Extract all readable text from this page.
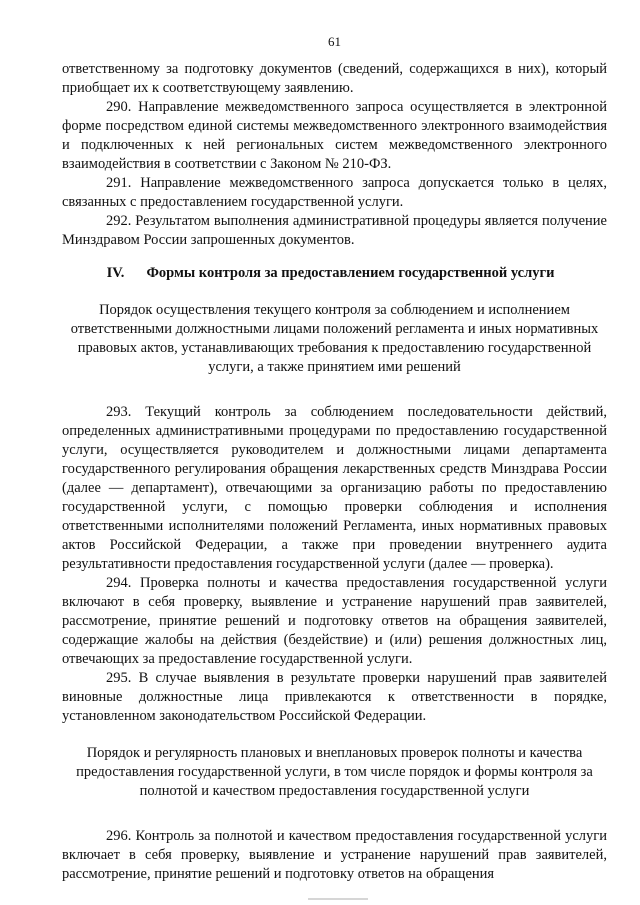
61

ответственному за подготовку документов (сведений, содержащихся в них), который приобщает их к соответствующему заявлению.

290. Направление межведомственного запроса осуществляется в электронной форме посредством единой системы межведомственного электронного взаимодействия и подключенных к ней региональных систем межведомственного электронного взаимодействия в соответствии с Законом № 210-ФЗ.

291. Направление межведомственного запроса допускается только в целях, связанных с предоставлением государственной услуги.

292. Результатом выполнения административной процедуры является получение Минздравом России запрошенных документов.

IV. Формы контроля за предоставлением государственной услуги
Порядок осуществления текущего контроля за соблюдением и исполнением ответственными должностными лицами положений регламента и иных нормативных правовых актов, устанавливающих требования к предоставлению государственной услуги, а также принятием ими решений

293. Текущий контроль за соблюдением последовательности действий, определенных административными процедурами по предоставлению государственной услуги, осуществляется руководителем и должностными лицами департамента государственного регулирования обращения лекарственных средств Минздрава России (далее — департамент), отвечающими за организацию работы по предоставлению государственной услуги, с помощью проверки соблюдения и исполнения ответственными исполнителями положений Регламента, иных нормативных правовых актов Российской Федерации, а также при проведении внутреннего аудита результативности предоставления государственной услуги (далее — проверка).

294. Проверка полноты и качества предоставления государственной услуги включают в себя проверку, выявление и устранение нарушений прав заявителей, рассмотрение, принятие решений и подготовку ответов на обращения заявителей, содержащие жалобы на действия (бездействие) и (или) решения должностных лиц, отвечающих за предоставление государственной услуги.

295. В случае выявления в результате проверки нарушений прав заявителей виновные должностные лица привлекаются к ответственности в порядке, установленном законодательством Российской Федерации.

Порядок и регулярность плановых и внеплановых проверок полноты и качества предоставления государственной услуги, в том числе порядок и формы контроля за полнотой и качеством предоставления государственной услуги

296. Контроль за полнотой и качеством предоставления государственной услуги включает в себя проверку, выявление и устранение нарушений прав заявителей, рассмотрение, принятие решений и подготовку ответов на обращения
